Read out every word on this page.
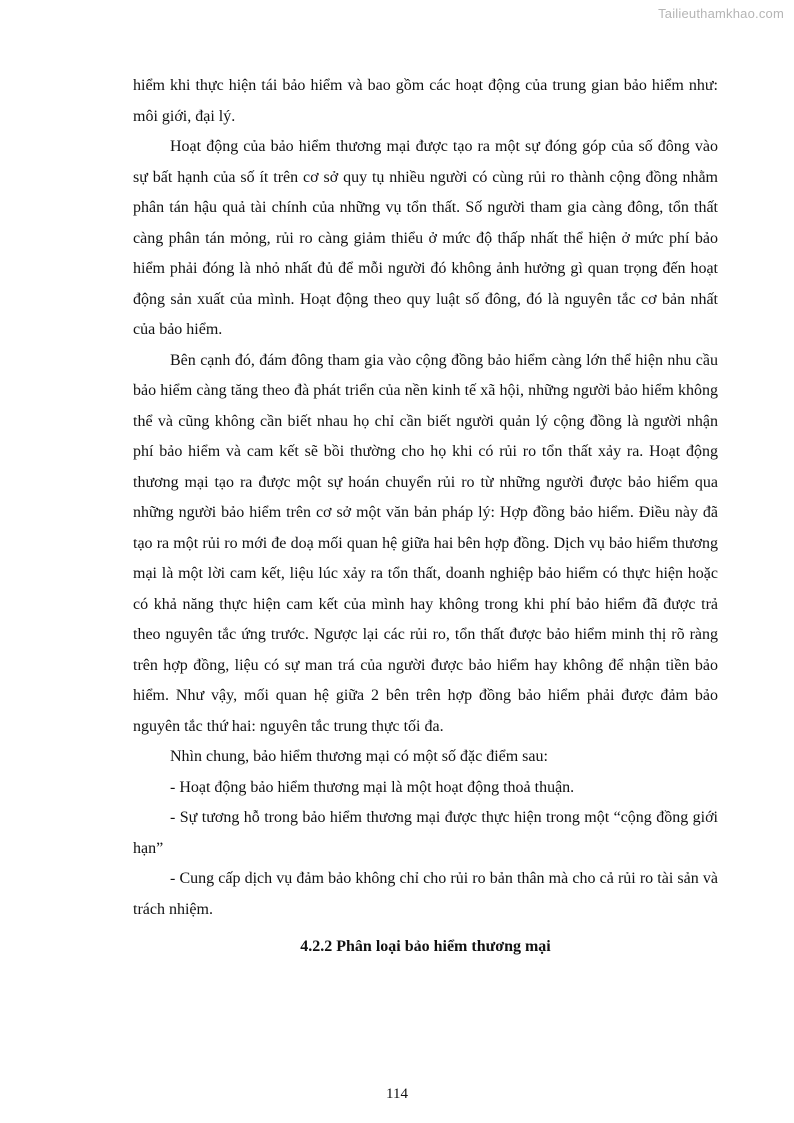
Tailieuthamkhao.com

hiểm khi thực hiện tái bảo hiểm và bao gồm các hoạt động của trung gian bảo hiểm như: môi giới, đại lý.

Hoạt động của bảo hiểm thương mại được tạo ra một sự đóng góp của số đông vào sự bất hạnh của số ít trên cơ sở quy tụ nhiều người có cùng rủi ro thành cộng đồng nhằm phân tán hậu quả tài chính của những vụ tổn thất. Số người tham gia càng đông, tổn thất càng phân tán mỏng, rủi ro càng giảm thiểu ở mức độ thấp nhất thể hiện ở mức phí bảo hiểm phải đóng là nhỏ nhất đủ để mỗi người đó không ảnh hưởng gì quan trọng đến hoạt động sản xuất của mình. Hoạt động theo quy luật số đông, đó là nguyên tắc cơ bản nhất của bảo hiểm.

Bên cạnh đó, đám đông tham gia vào cộng đồng bảo hiểm càng lớn thể hiện nhu cầu bảo hiểm càng tăng theo đà phát triển của nền kinh tế xã hội, những người bảo hiểm không thể và cũng không cần biết nhau họ chỉ cần biết người quản lý cộng đồng là người nhận phí bảo hiểm và cam kết sẽ bồi thường cho họ khi có rủi ro tổn thất xảy ra. Hoạt động thương mại tạo ra được một sự hoán chuyển rủi ro từ những người được bảo hiểm qua những người bảo hiểm trên cơ sở một văn bản pháp lý: Hợp đồng bảo hiểm. Điều này đã tạo ra một rủi ro mới đe doạ mối quan hệ giữa hai bên hợp đồng. Dịch vụ bảo hiểm thương mại là một lời cam kết, liệu lúc xảy ra tổn thất, doanh nghiệp bảo hiểm có thực hiện hoặc có khả năng thực hiện cam kết của mình hay không trong khi phí bảo hiểm đã được trả theo nguyên tắc ứng trước. Ngược lại các rủi ro, tổn thất được bảo hiểm minh thị rõ ràng trên hợp đồng, liệu có sự man trá của người được bảo hiểm hay không để nhận tiền bảo hiểm. Như vậy, mối quan hệ giữa 2 bên trên hợp đồng bảo hiểm phải được đảm bảo nguyên tắc thứ hai: nguyên tắc trung thực tối đa.

Nhìn chung, bảo hiểm thương mại có một số đặc điểm sau:

- Hoạt động bảo hiểm thương mại là một hoạt động thoả thuận.

- Sự tương hỗ trong bảo hiểm thương mại được thực hiện trong một “cộng đồng giới hạn”

- Cung cấp dịch vụ đảm bảo không chỉ cho rủi ro bản thân mà cho cả rủi ro tài sản và trách nhiệm.

4.2.2 Phân loại bảo hiểm thương mại
114
